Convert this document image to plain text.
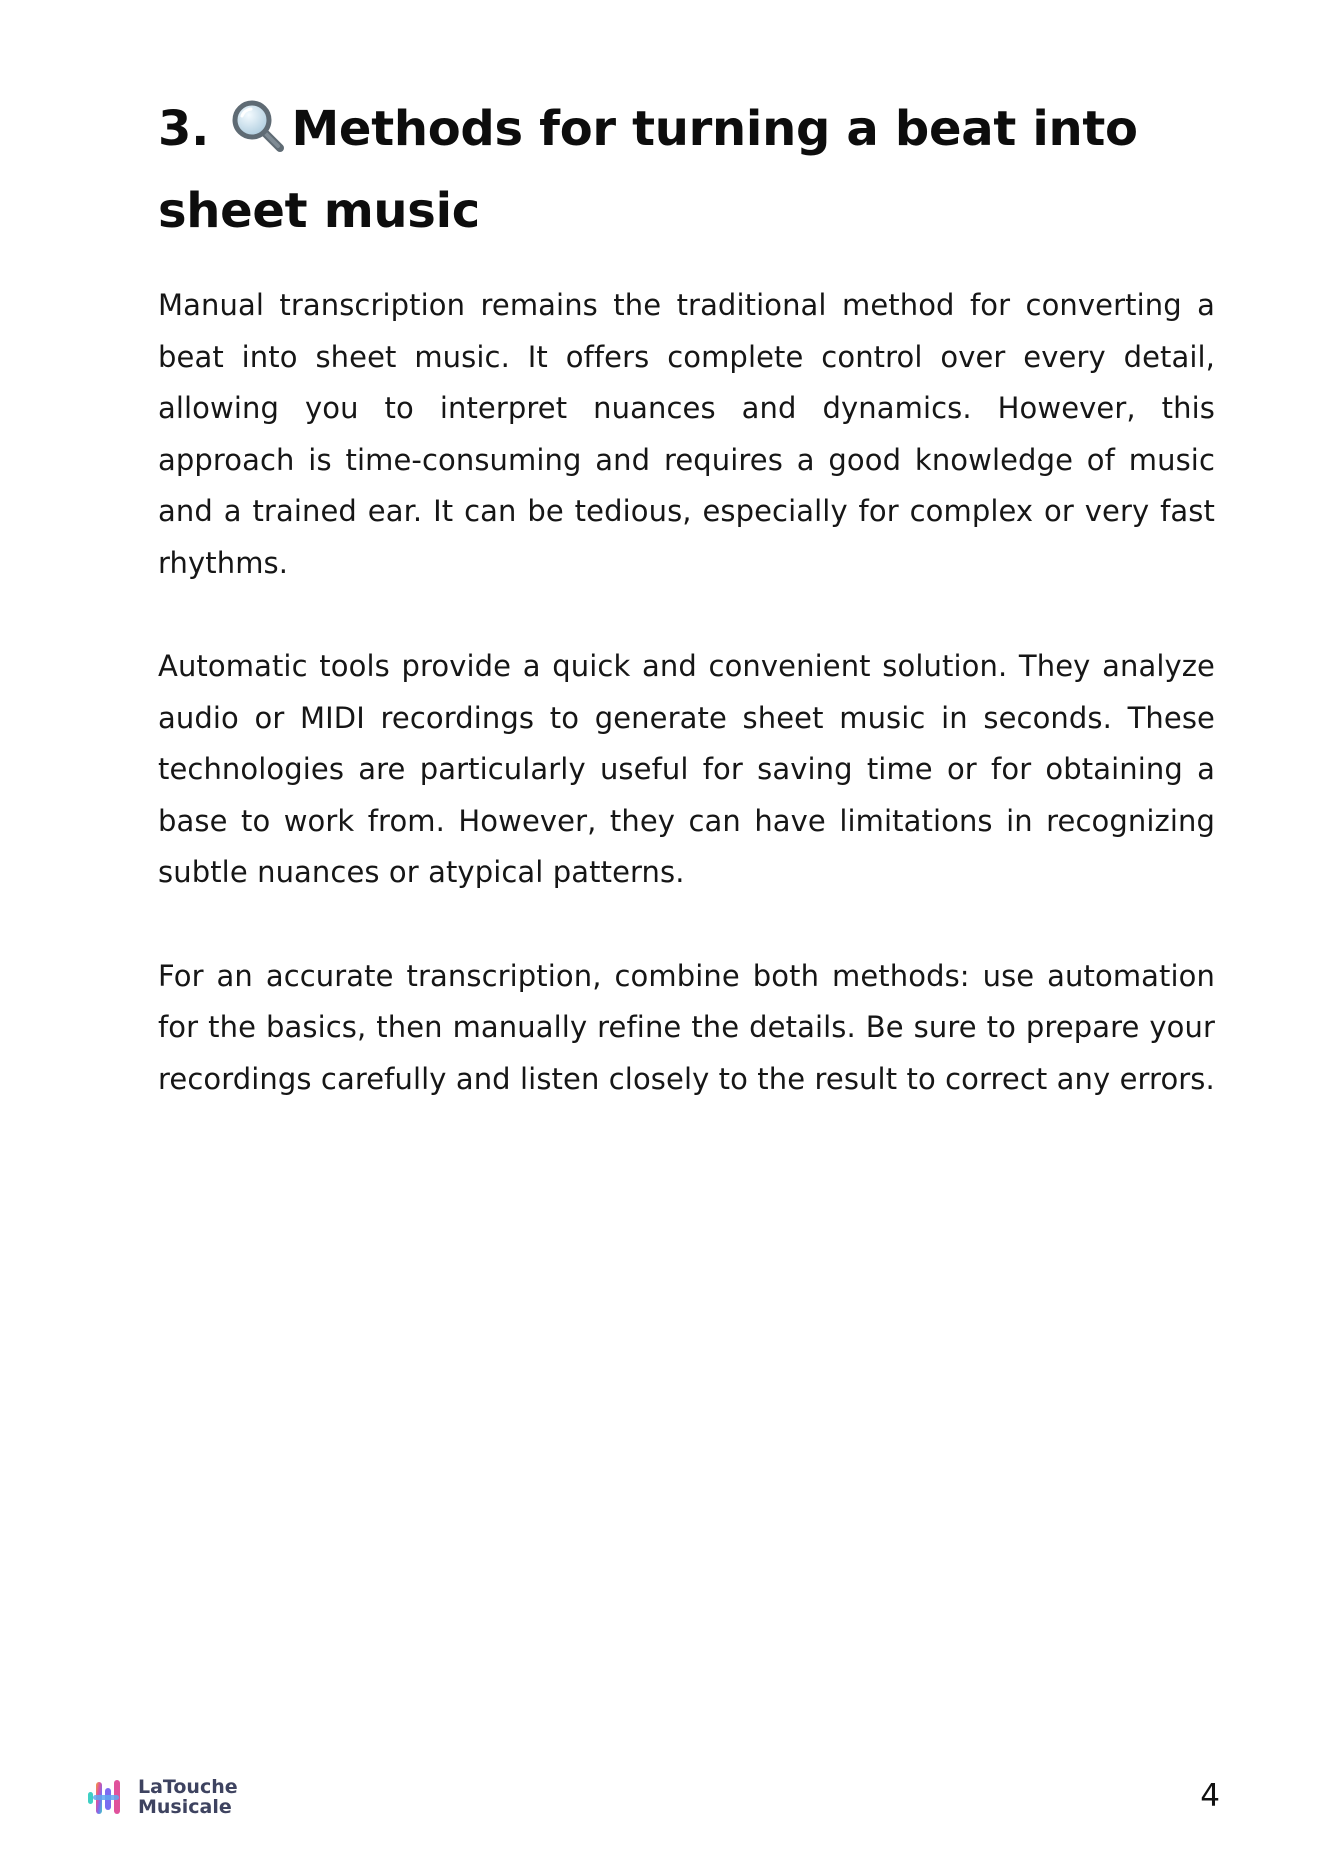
3. Methods for turning a beat into sheet music

Manual transcription remains the traditional method for converting a beat into sheet music. It offers complete control over every detail, allowing you to interpret nuances and dynamics. However, this approach is time-consuming and requires a good knowledge of music and a trained ear. It can be tedious, especially for complex or very fast rhythms.

Automatic tools provide a quick and convenient solution. They analyze audio or MIDI recordings to generate sheet music in seconds. These technologies are particularly useful for saving time or for obtaining a base to work from. However, they can have limitations in recognizing subtle nuances or atypical patterns.

For an accurate transcription, combine both methods: use automation for the basics, then manually refine the details. Be sure to prepare your recordings carefully and listen closely to the result to correct any errors.

LaTouche
Musicale	4
